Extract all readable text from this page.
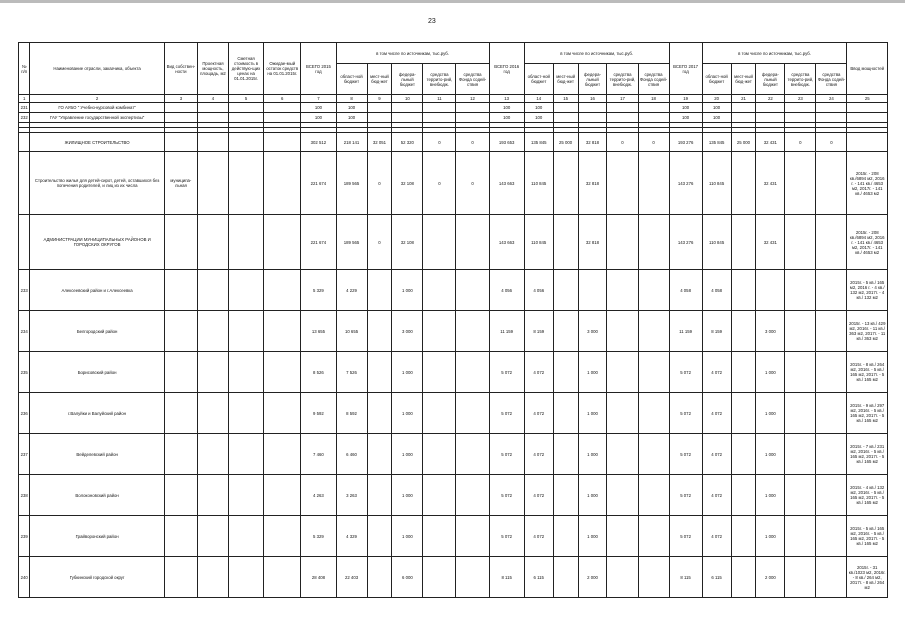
23
№ п/п	Наименование отрасли, заказчика, объекта	Вид собствен-ности	Проектная мощность, площадь, м2	Сметная стоимость в действую-щих ценах на 01.01.2015г.	Ожидае-мый остаток средств на 01.01.2015г.	ВСЕГО 2015 год	в том числе по источникам, тыс.руб.					ВСЕГО 2016 год	в том числе по источникам, тыс.руб.					ВСЕГО 2017 год	в том числе по источникам, тыс.руб.					Ввод мощностей
							област-ной бюджет	мест-ный бюд-жет	федера-льный бюджет	средства террито-рий, внебюдж.	средства Фонда содей-ствия		област-ной бюджет	мест-ный бюд-жет	федера-льный бюджет	средства террито-рий, внебюдж.	средства Фонда содей-ствия		област-ной бюджет	мест-ный бюд-жет	федера-льный бюджет	средства террито-рий, внебюдж.	средства Фонда содей-ствия	
1	2	3	4	5	6	7	8	9	10	11	12	13	14	15	16	17	18	19	20	21	22	23	24	25
231	ГО АУБО " Учебно-курсовой комбинат"					100	100					100	100					100	100					
232	ГАУ "Управление государственной экспертизы"					100	100					100	100					100	100					

	ЖИЛИЩНОЕ СТРОИТЕЛЬСТВО					302 512	218 141	32 051	52 320	0	0	193 653	135 845	25 000	32 818	0	0	193 276	135 845	25 000	32 431	0	0	
	Строительство жилья для детей-сирот, детей, оставшихся без попечения родителей, и лиц из их числа	муниципа-льная				221 674	189 565	0	32 108	0	0	143 663	110 845		32 818			143 276	110 845		32 431			2015г. - 208 кв./6894 м2, 2016 г. - 141 кв./ 4653 м2, 2017г. - 141 кв./ 4653 м2
	АДМИНИСТРАЦИИ МУНИЦИПАЛЬНЫХ РАЙОНОВ И ГОРОДСКИХ ОКРУГОВ					221 674	189 565	0	32 108			143 663	110 845		32 818			143 276	110 845		32 431			2015г. - 208 кв./6894 м2, 2016 г. - 141 кв./ 4653 м2, 2017г. - 141 кв./ 4653 м2
233	Алексеевский район и г.Алексеевка					5 329	4 229		1 000			4 056	4 056					4 058	4 058					2015г. - 5 кв./ 165 м2, 2016 г. - 4 кв./ 132 м2, 2017г. - 4 кв./ 132 м2
234	Белгородский район					13 655	10 655		3 000			11 159	8 159		3 000			11 159	8 159		3 000			2015г. - 13 кв./ 429 м2, 2016г. - 11 кв./ 363 м2, 2017г. - 11 кв./ 363 м2
235	Борисовский район					8 526	7 526		1 000			5 072	4 072		1 000			5 072	4 072		1 000			2015г. - 8 кв./ 264 м2, 2016г. - 5 кв./ 165 м2, 2017г. - 5 кв./ 165 м2
236	г.Валуйки и Валуйский район					9 592	8 592		1 000			5 072	4 072		1 000			5 072	4 072		1 000			2015г. - 9 кв./ 297 м2, 2016г. - 5 кв./ 165 м2, 2017г. - 5 кв./ 165 м2
237	Вейделевский район					7 460	6 460		1 000			5 072	4 072		1 000			5 072	4 072		1 000			2015г. - 7 кв./ 231 м2, 2016г. - 5 кв./ 165 м2, 2017г. - 5 кв./ 165 м2
238	Волоконовский район					4 263	3 263		1 000			5 072	4 072		1 000			5 072	4 072		1 000			2015г. - 4 кв./ 132 м2, 2016г. - 5 кв./ 165 м2, 2017г. - 5 кв./ 165 м2
239	Грайворонский район					5 329	4 329		1 000			5 072	4 072		1 000			5 072	4 072		1 000			2015г. - 5 кв./ 165 м2, 2016г. - 5 кв./ 165 м2, 2017г. - 5 кв./ 165 м2
240	Губкинский городской округ					28 408	22 403		6 000			8 115	6 115		2 000			8 115	6 115		2 000			2015г. - 31 кв./1023 м2, 2016г. - 8 кв./ 264 м2, 2017г. - 8 кв./ 264 м2
